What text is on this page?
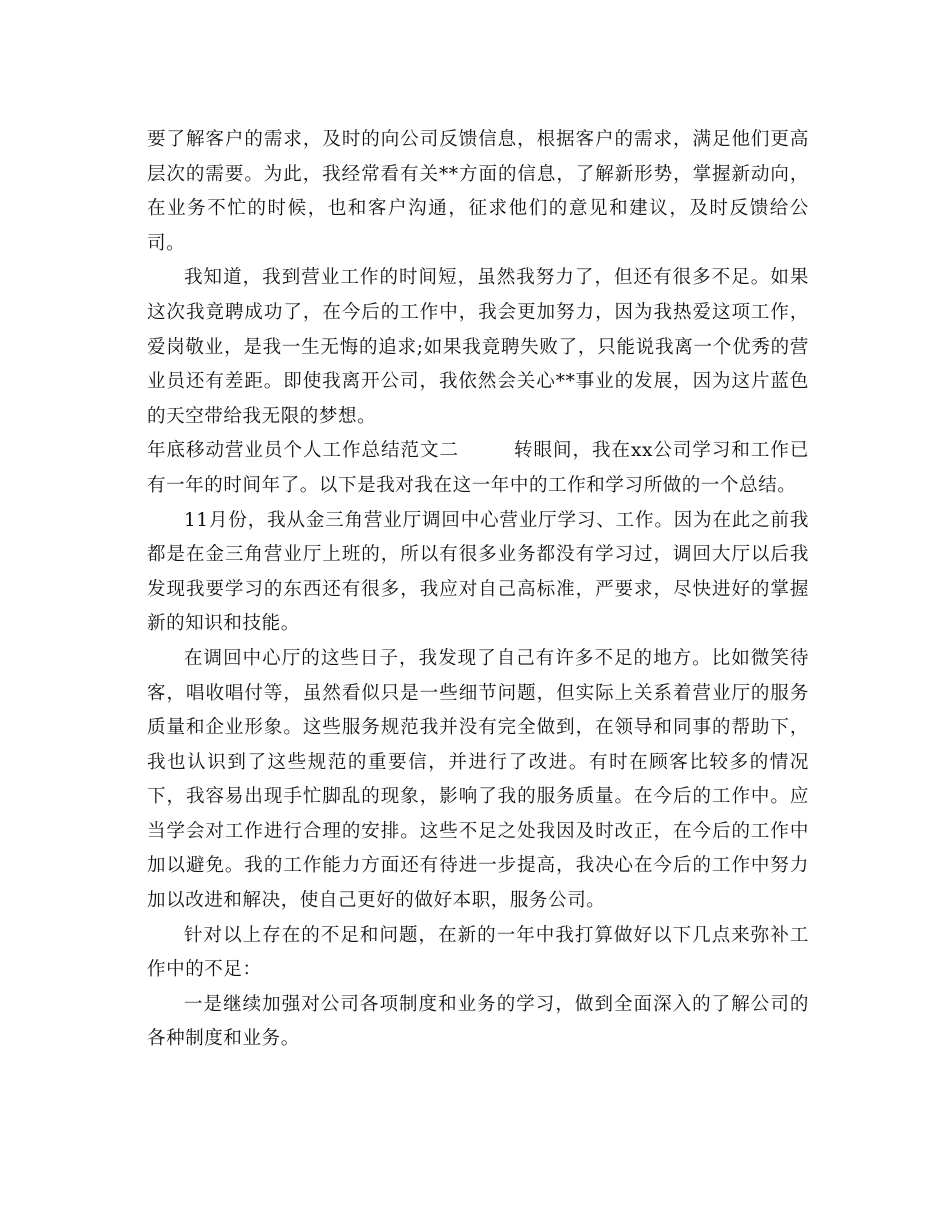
要了解客户的需求，及时的向公司反馈信息，根据客户的需求，满足他们更高层次的需要。为此，我经常看有关**方面的信息，了解新形势，掌握新动向，在业务不忙的时候，也和客户沟通，征求他们的意见和建议，及时反馈给公司。

我知道，我到营业工作的时间短，虽然我努力了，但还有很多不足。如果这次我竟聘成功了，在今后的工作中，我会更加努力，因为我热爱这项工作，爱岗敬业，是我一生无悔的追求;如果我竟聘失败了，只能说我离一个优秀的营业员还有差距。即使我离开公司，我依然会关心**事业的发展，因为这片蓝色的天空带给我无限的梦想。

年底移动营业员个人工作总结范文二	转眼间，我在xx公司学习和工作已有一年的时间年了。以下是我对我在这一年中的工作和学习所做的一个总结。

11月份，我从金三角营业厅调回中心营业厅学习、工作。因为在此之前我都是在金三角营业厅上班的，所以有很多业务都没有学习过，调回大厅以后我发现我要学习的东西还有很多，我应对自己高标准，严要求，尽快进好的掌握新的知识和技能。

在调回中心厅的这些日子，我发现了自己有许多不足的地方。比如微笑待客，唱收唱付等，虽然看似只是一些细节问题，但实际上关系着营业厅的服务质量和企业形象。这些服务规范我并没有完全做到，在领导和同事的帮助下，我也认识到了这些规范的重要信，并进行了改进。有时在顾客比较多的情况下，我容易出现手忙脚乱的现象，影响了我的服务质量。在今后的工作中。应当学会对工作进行合理的安排。这些不足之处我因及时改正，在今后的工作中加以避免。我的工作能力方面还有待进一步提高，我决心在今后的工作中努力加以改进和解决，使自己更好的做好本职，服务公司。

针对以上存在的不足和问题，在新的一年中我打算做好以下几点来弥补工作中的不足：

一是继续加强对公司各项制度和业务的学习，做到全面深入的了解公司的各种制度和业务。
